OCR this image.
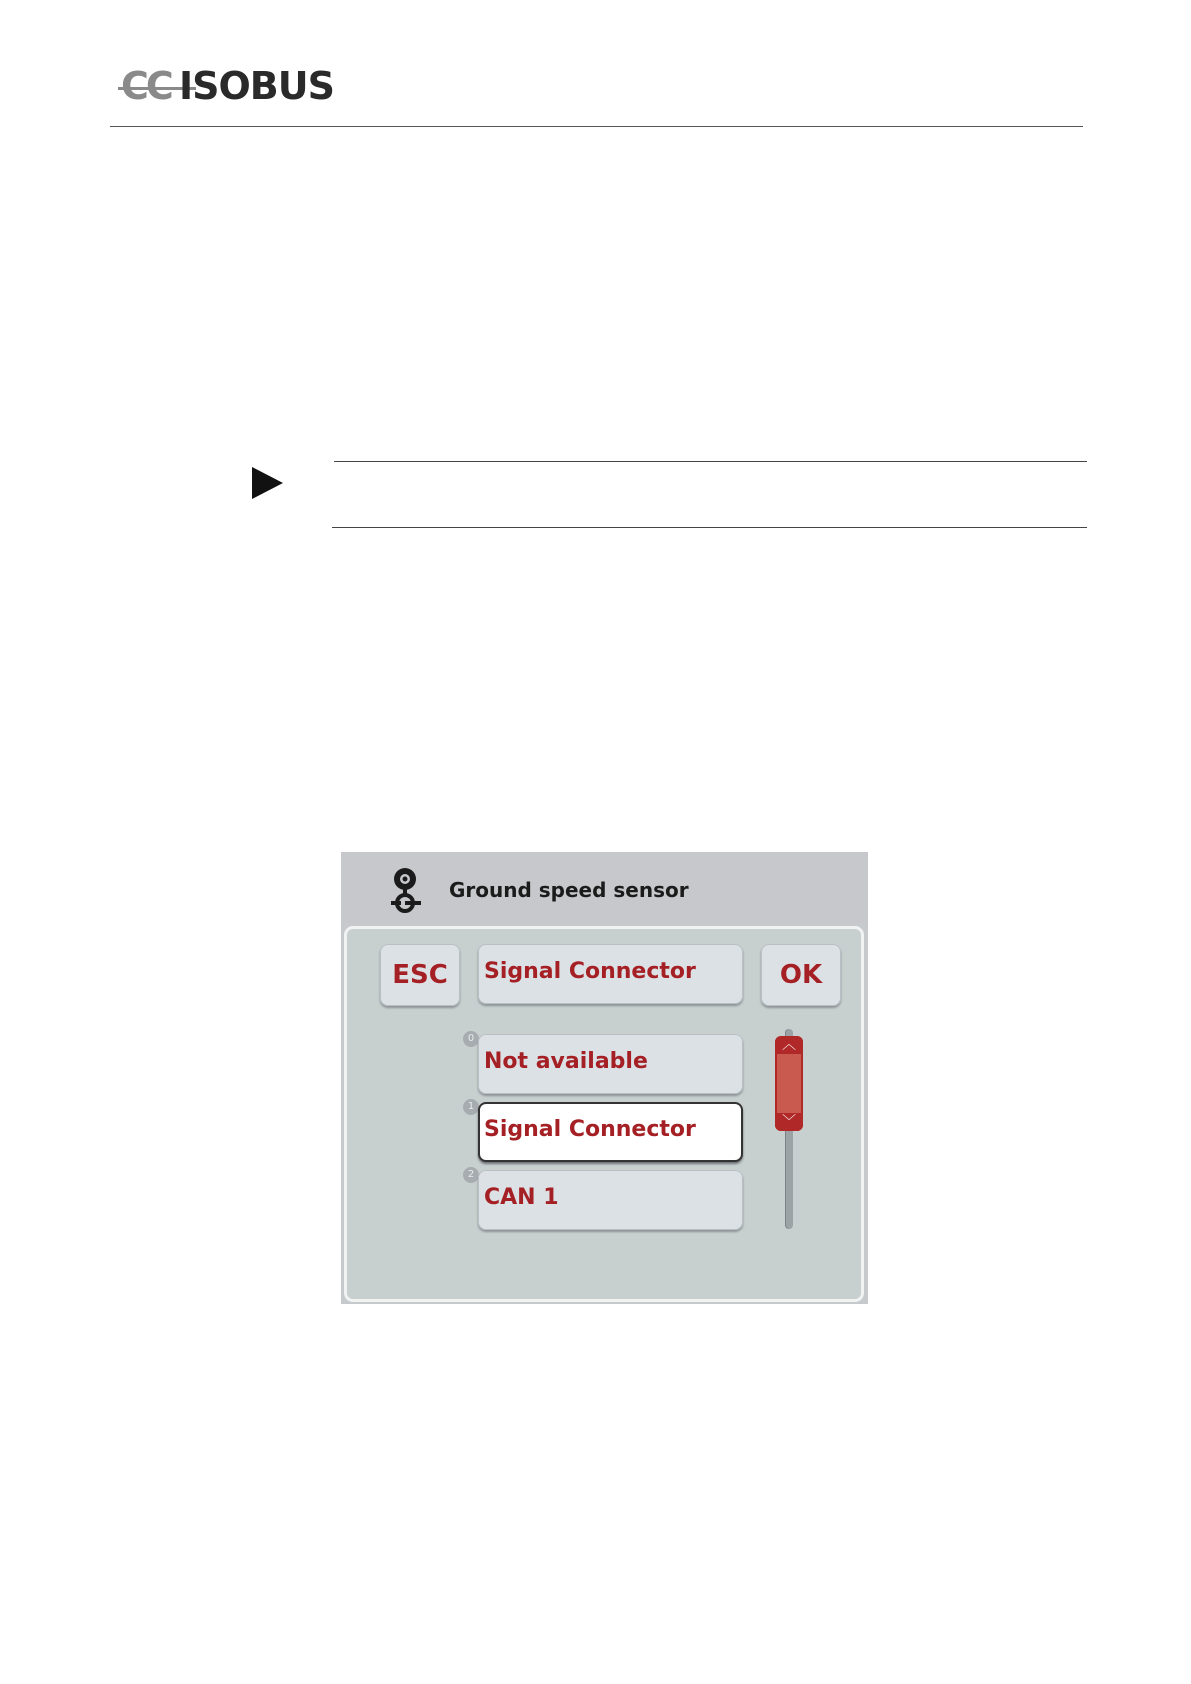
CC ISOBUS
Ground speed sensor
ESC	Signal Connector	OK
0
Not available
1
Signal Connector
2
CAN 1
︿
﹀
